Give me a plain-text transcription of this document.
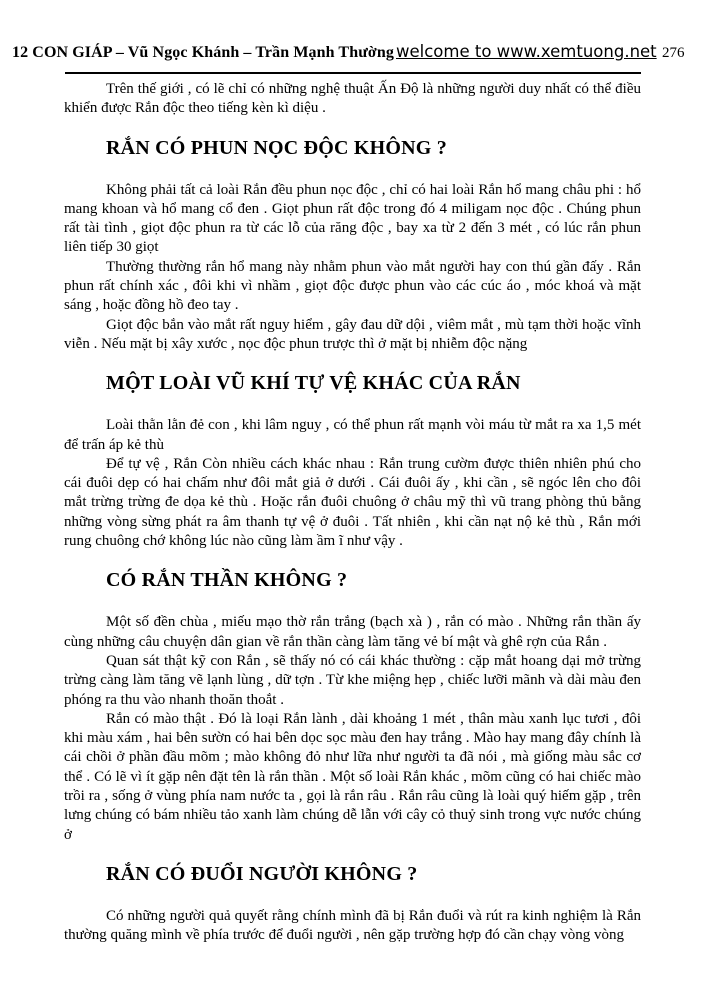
12 CON GIÁP – Vũ Ngọc Khánh – Trần Mạnh Thường welcome to www.xemtuong.net 276

Trên thế giới , có lẽ chỉ có những nghệ thuật Ấn Độ là những người duy nhất có thể điều khiển được Rắn độc theo tiếng kèn kì diệu .

RẮN CÓ PHUN NỌC ĐỘC KHÔNG ?

Không phải tất cả loài Rắn đều phun nọc độc , chỉ có hai loài Rắn hổ mang châu phi : hổ mang khoan và hổ mang cổ đen . Giọt phun rất độc trong đó 4 miligam nọc độc . Chúng phun rất tài tình , giọt độc phun ra từ các lỗ của răng độc , bay xa từ 2 đến 3 mét , có lúc rắn phun liên tiếp 30 giọt

Thường thường rắn hổ mang này nhằm phun vào mắt người hay con thú gần đấy . Rắn phun rất chính xác , đôi khi vì nhầm , giọt độc được phun vào các cúc áo , móc khoá và mặt sáng , hoặc đồng hồ đeo tay .

Giọt độc bắn vào mắt rất nguy hiểm , gây đau dữ dội , viêm mắt , mù tạm thời hoặc vĩnh viễn . Nếu mặt bị xây xước , nọc độc phun trược thì ở mặt bị nhiễm độc nặng

MỘT LOÀI VŨ KHÍ TỰ VỆ KHÁC CỦA RẮN

Loài thằn lằn đẻ con , khi lâm nguy , có thể phun rất mạnh vòi máu từ mắt ra xa 1,5 mét để trấn áp kẻ thù

Để tự vệ , Rắn Còn nhiều cách khác nhau : Rắn trung cườm được thiên nhiên phú cho cái đuôi dẹp có hai chấm như đôi mắt giả ở dưới . Cái đuôi ấy , khi cần , sẽ ngóc lên cho đôi mắt trừng trừng đe dọa kẻ thù . Hoặc rắn đuôi chuông ở châu mỹ thì vũ trang phòng thủ bằng những vòng sừng phát ra âm thanh tự vệ ở đuôi . Tất nhiên , khi cần nạt nộ kẻ thù , Rắn mới rung chuông chớ không lúc nào cũng làm ầm ĩ như vậy .

CÓ RẮN THẦN KHÔNG ?

Một số đền chùa , miếu mạo thờ rắn trắng (bạch xà ) , rắn có mào . Những rắn thần ấy cùng những câu chuyện dân gian về rắn thần càng làm tăng vẻ bí mật và ghê rợn của Rắn .

Quan sát thật kỹ con Rắn , sẽ thấy nó có cái khác thường : cặp mắt hoang dại mở trừng trừng càng làm tăng vẽ lạnh lùng , dữ tợn . Từ khe miệng hẹp , chiếc lưỡi mãnh và dài màu đen phóng ra thu vào nhanh thoăn thoắt .

Rắn có mào thật . Đó là loại Rắn lành , dài khoảng 1 mét , thân màu xanh lục tươi , đôi khi màu xám , hai bên sườn có hai bên dọc sọc màu đen hay trắng . Mào hay mang đây chính là cái chồi ở phần đầu mõm ; mào không đỏ như lữa như người ta đã nói , mà giống màu sắc cơ thể . Có lẽ vì ít gặp nên đặt tên là rắn thần . Một số loài Rắn khác , mõm cũng có hai chiếc mào trồi ra , sống ở vùng phía nam nước ta , gọi là rắn râu . Rắn râu cũng là loài quý hiếm gặp , trên lưng chúng có bám nhiều tảo xanh làm chúng dễ lẫn với cây cỏ thuỷ sinh trong vực nước chúng ở

RẮN CÓ ĐUỔI NGƯỜI KHÔNG ?

Có những người quả quyết rằng chính mình đã bị Rắn đuổi và rút ra kinh nghiệm là Rắn thường quăng mình về phía trước để đuổi người , nên gặp trường hợp đó cần chạy vòng vòng
